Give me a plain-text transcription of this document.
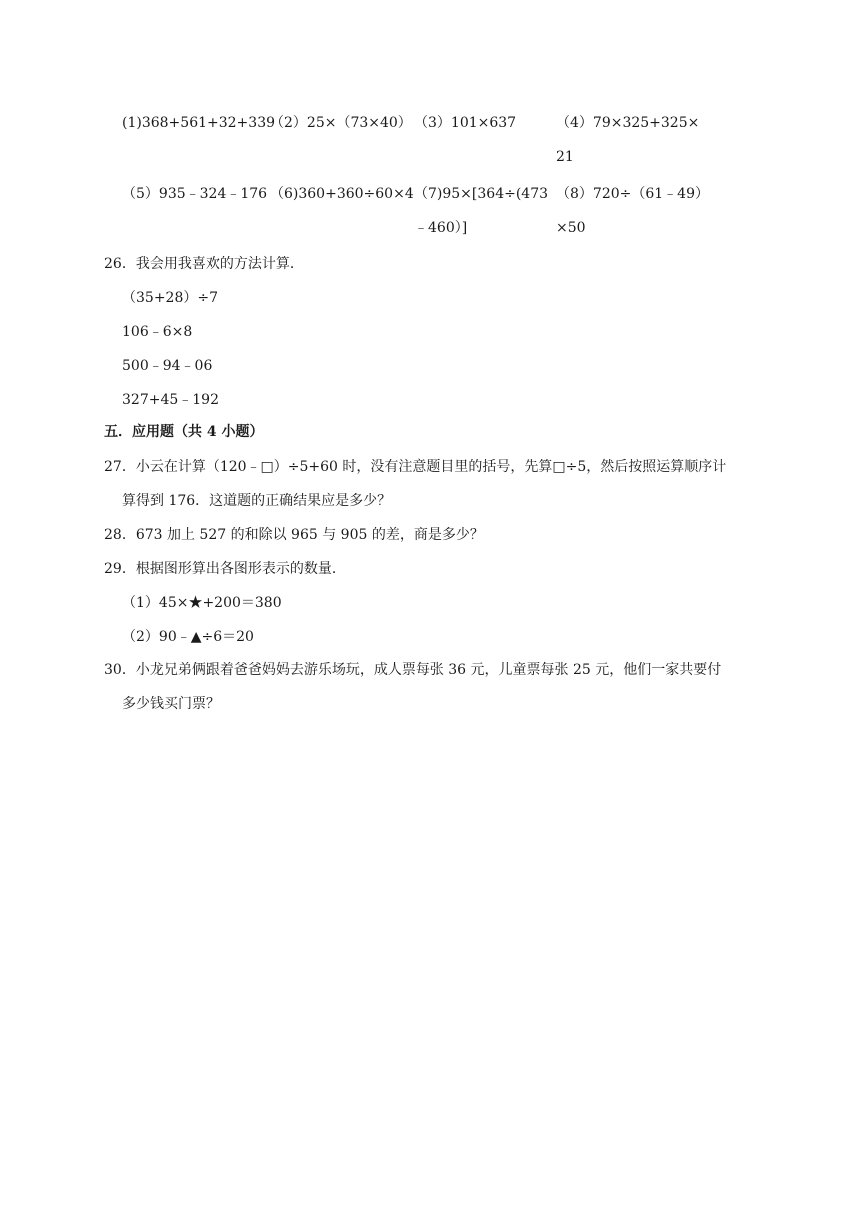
(1)368+561+32+339
（2）25×（73×40） （3）101×637	（4）79×325+325×
21
（5）935﹣324﹣176 （6)360+360÷60×4 （7)95×[364÷(473
﹣460）]
（8）720÷（61﹣49）
×50
26．我会用我喜欢的方法计算．
（35+28）÷7
106﹣6×8
500﹣94﹣06
327+45﹣192
五．应用题（共 4 小题）
27．小云在计算（120﹣□）÷5+60 时，没有注意题目里的括号，先算□÷5，然后按照运算顺序计
算得到 176．这道题的正确结果应是多少？
28．673 加上 527 的和除以 965 与 905 的差，商是多少？
29．根据图形算出各图形表示的数量．
（1）45×★+200＝380
（2）90﹣▲÷6＝20
30．小龙兄弟俩跟着爸爸妈妈去游乐场玩，成人票每张 36 元，儿童票每张 25 元，他们一家共要付
多少钱买门票？
